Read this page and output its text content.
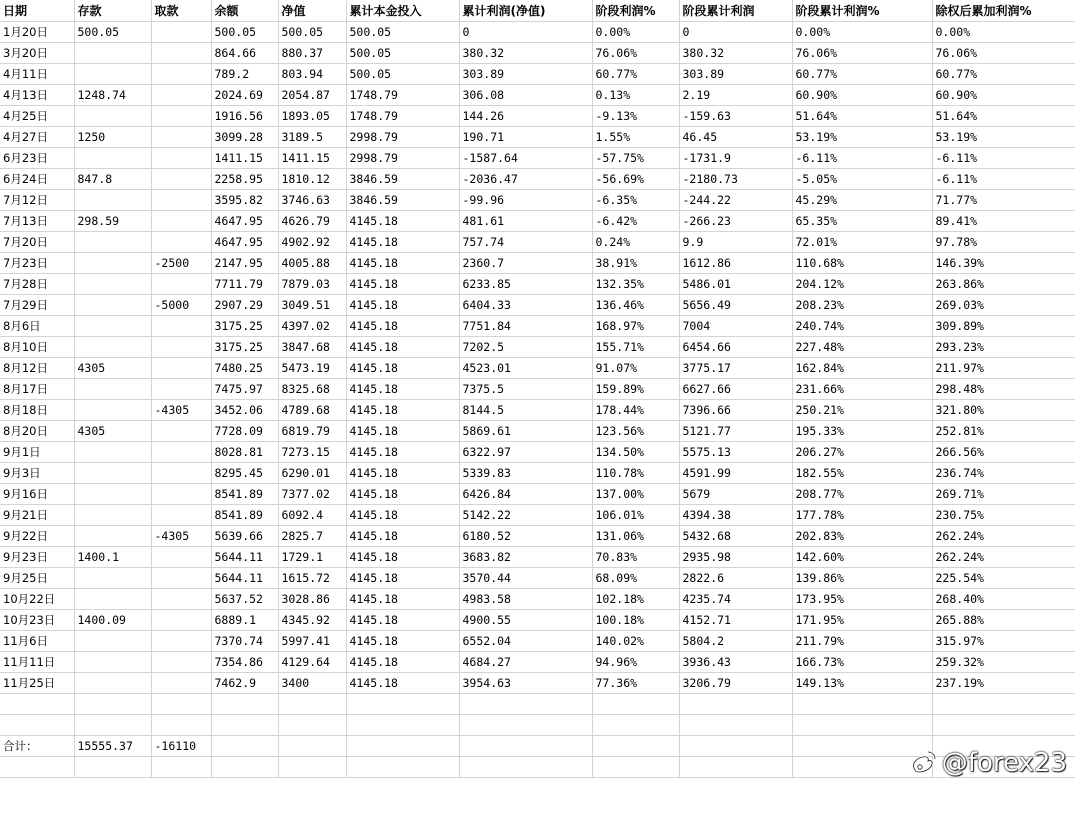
日期	存款	取款	余额	净值	累计本金投入	累计利润(净值)	阶段利润%	阶段累计利润	阶段累计利润%	除权后累加利润%
1月20日	500.05		500.05	500.05	500.05	0	0.00%	0	0.00%	0.00%
3月20日			864.66	880.37	500.05	380.32	76.06%	380.32	76.06%	76.06%
4月11日			789.2	803.94	500.05	303.89	60.77%	303.89	60.77%	60.77%
4月13日	1248.74		2024.69	2054.87	1748.79	306.08	0.13%	2.19	60.90%	60.90%
4月25日			1916.56	1893.05	1748.79	144.26	-9.13%	-159.63	51.64%	51.64%
4月27日	1250		3099.28	3189.5	2998.79	190.71	1.55%	46.45	53.19%	53.19%
6月23日			1411.15	1411.15	2998.79	-1587.64	-57.75%	-1731.9	-6.11%	-6.11%
6月24日	847.8		2258.95	1810.12	3846.59	-2036.47	-56.69%	-2180.73	-5.05%	-6.11%
7月12日			3595.82	3746.63	3846.59	-99.96	-6.35%	-244.22	45.29%	71.77%
7月13日	298.59		4647.95	4626.79	4145.18	481.61	-6.42%	-266.23	65.35%	89.41%
7月20日			4647.95	4902.92	4145.18	757.74	0.24%	9.9	72.01%	97.78%
7月23日		-2500	2147.95	4005.88	4145.18	2360.7	38.91%	1612.86	110.68%	146.39%
7月28日			7711.79	7879.03	4145.18	6233.85	132.35%	5486.01	204.12%	263.86%
7月29日		-5000	2907.29	3049.51	4145.18	6404.33	136.46%	5656.49	208.23%	269.03%
8月6日			3175.25	4397.02	4145.18	7751.84	168.97%	7004	240.74%	309.89%
8月10日			3175.25	3847.68	4145.18	7202.5	155.71%	6454.66	227.48%	293.23%
8月12日	4305		7480.25	5473.19	4145.18	4523.01	91.07%	3775.17	162.84%	211.97%
8月17日			7475.97	8325.68	4145.18	7375.5	159.89%	6627.66	231.66%	298.48%
8月18日		-4305	3452.06	4789.68	4145.18	8144.5	178.44%	7396.66	250.21%	321.80%
8月20日	4305		7728.09	6819.79	4145.18	5869.61	123.56%	5121.77	195.33%	252.81%
9月1日			8028.81	7273.15	4145.18	6322.97	134.50%	5575.13	206.27%	266.56%
9月3日			8295.45	6290.01	4145.18	5339.83	110.78%	4591.99	182.55%	236.74%
9月16日			8541.89	7377.02	4145.18	6426.84	137.00%	5679	208.77%	269.71%
9月21日			8541.89	6092.4	4145.18	5142.22	106.01%	4394.38	177.78%	230.75%
9月22日		-4305	5639.66	2825.7	4145.18	6180.52	131.06%	5432.68	202.83%	262.24%
9月23日	1400.1		5644.11	1729.1	4145.18	3683.82	70.83%	2935.98	142.60%	262.24%
9月25日			5644.11	1615.72	4145.18	3570.44	68.09%	2822.6	139.86%	225.54%
10月22日			5637.52	3028.86	4145.18	4983.58	102.18%	4235.74	173.95%	268.40%
10月23日	1400.09		6889.1	4345.92	4145.18	4900.55	100.18%	4152.71	171.95%	265.88%
11月6日			7370.74	5997.41	4145.18	6552.04	140.02%	5804.2	211.79%	315.97%
11月11日			7354.86	4129.64	4145.18	4684.27	94.96%	3936.43	166.73%	259.32%
11月25日			7462.9	3400	4145.18	3954.63	77.36%	3206.79	149.13%	237.19%

合计：	15555.37	-16110								

@forex23
